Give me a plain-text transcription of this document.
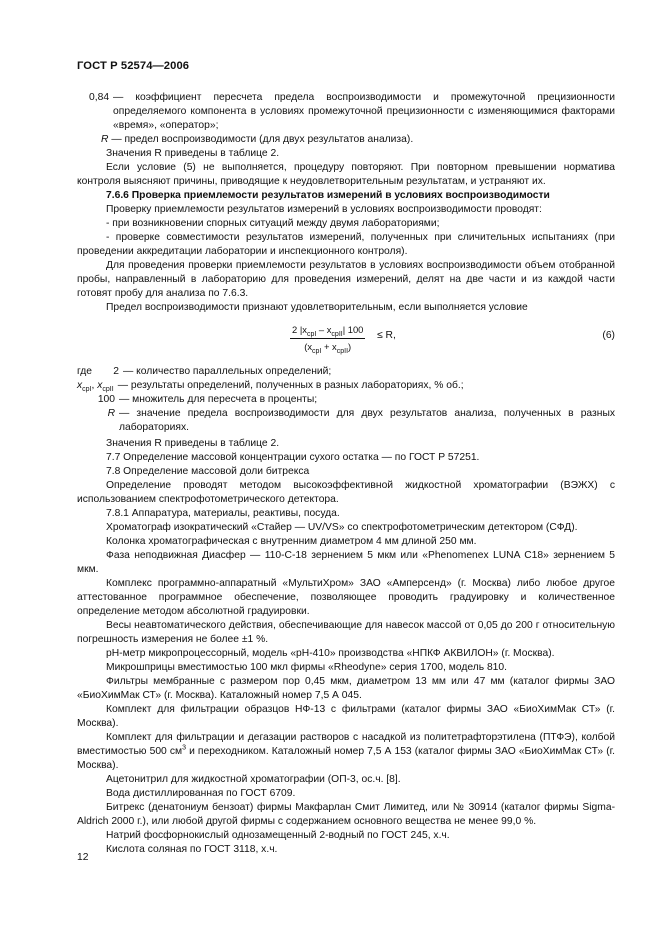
ГОСТ Р 52574—2006
0,84 — коэффициент пересчета предела воспроизводимости и промежуточной прецизионности определяемого компонента в условиях промежуточной прецизионности с изменяющимися факторами «время», «оператор»;
R — предел воспроизводимости (для двух результатов анализа).

Значения R приведены в таблице 2.

Если условие (5) не выполняется, процедуру повторяют. При повторном превышении норматива контроля выясняют причины, приводящие к неудовлетворительным результатам, и устраняют их.

7.6.6 Проверка приемлемости результатов измерений в условиях воспроизводимости

Проверку приемлемости результатов измерений в условиях воспроизводимости проводят:

- при возникновении спорных ситуаций между двумя лабораториями;

- проверке совместимости результатов измерений, полученных при сличительных испытаниях (при проведении аккредитации лаборатории и инспекционного контроля).

Для проведения проверки приемлемости результатов в условиях воспроизводимости объем отобранной пробы, направленный в лабораторию для проведения измерений, делят на две части и из каждой части готовят пробу для анализа по 7.6.3.

Предел воспроизводимости признают удовлетворительным, если выполняется условие

2 $|x_{cpI} - x_{cpII}|$ 100
$(x_{cpI} + x_{cpII})$
≤ R,	(6)
где	2 — количество параллельных определений;
$x_{cpI}$, $x_{cpII}$ — результаты определений, полученных в разных лабораториях, % об.;
100 — множитель для пересчета в проценты;
R — значение предела воспроизводимости для двух результатов анализа, полученных в разных лабораториях.

Значения R приведены в таблице 2.

7.7 Определение массовой концентрации сухого остатка — по ГОСТ Р 57251.

7.8 Определение массовой доли битрекса

Определение проводят методом высокоэффективной жидкостной хроматографии (ВЭЖХ) с использованием спектрофотометрического детектора.

7.8.1 Аппаратура, материалы, реактивы, посуда.

Хроматограф изократический «Стайер — UV/VS» со спектрофотометрическим детектором (СФД).

Колонка хроматографическая с внутренним диаметром 4 мм длиной 250 мм.

Фаза неподвижная Диасфер — 110-С-18 зернением 5 мкм или «Phenomenex LUNA C18» зернением 5 мкм.

Комплекс программно-аппаратный «МультиХром» ЗАО «Амперсенд» (г. Москва) либо любое другое аттестованное программное обеспечение, позволяющее проводить градуировку и количественное определение методом абсолютной градуировки.

Весы неавтоматического действия, обеспечивающие для навесок массой от 0,05 до 200 г относительную погрешность измерения не более ±1 %.

рН-метр микропроцессорный, модель «рН-410» производства «НПКФ АКВИЛОН» (г. Москва).

Микрошприцы вместимостью 100 мкл фирмы «Rheodyne» серия 1700, модель 810.

Фильтры мембранные с размером пор 0,45 мкм, диаметром 13 мм или 47 мм (каталог фирмы ЗАО «БиоХимМак СТ» (г. Москва). Каталожный номер 7,5 А 045.

Комплект для фильтрации образцов НФ-13 с фильтрами (каталог фирмы ЗАО «БиоХимМак СТ» (г. Москва).

Комплект для фильтрации и дегазации растворов с насадкой из политетрафторэтилена (ПТФЭ), колбой вместимостью 500 $см^3$ и переходником. Каталожный номер 7,5 А 153 (каталог фирмы ЗАО «БиоХимМак СТ» (г. Москва).

Ацетонитрил для жидкостной хроматографии (ОП-3, ос.ч. [8].

Вода дистиллированная по ГОСТ 6709.

Битрекс (денатониум бензоат) фирмы Макфарлан Смит Лимитед, или № 30914 (каталог фирмы Sigma-Aldrich 2000 г.), или любой другой фирмы с содержанием основного вещества не менее 99,0 %.

Натрий фосфорнокислый однозамещенный 2-водный по ГОСТ 245, х.ч.

Кислота соляная по ГОСТ 3118, х.ч.

12
